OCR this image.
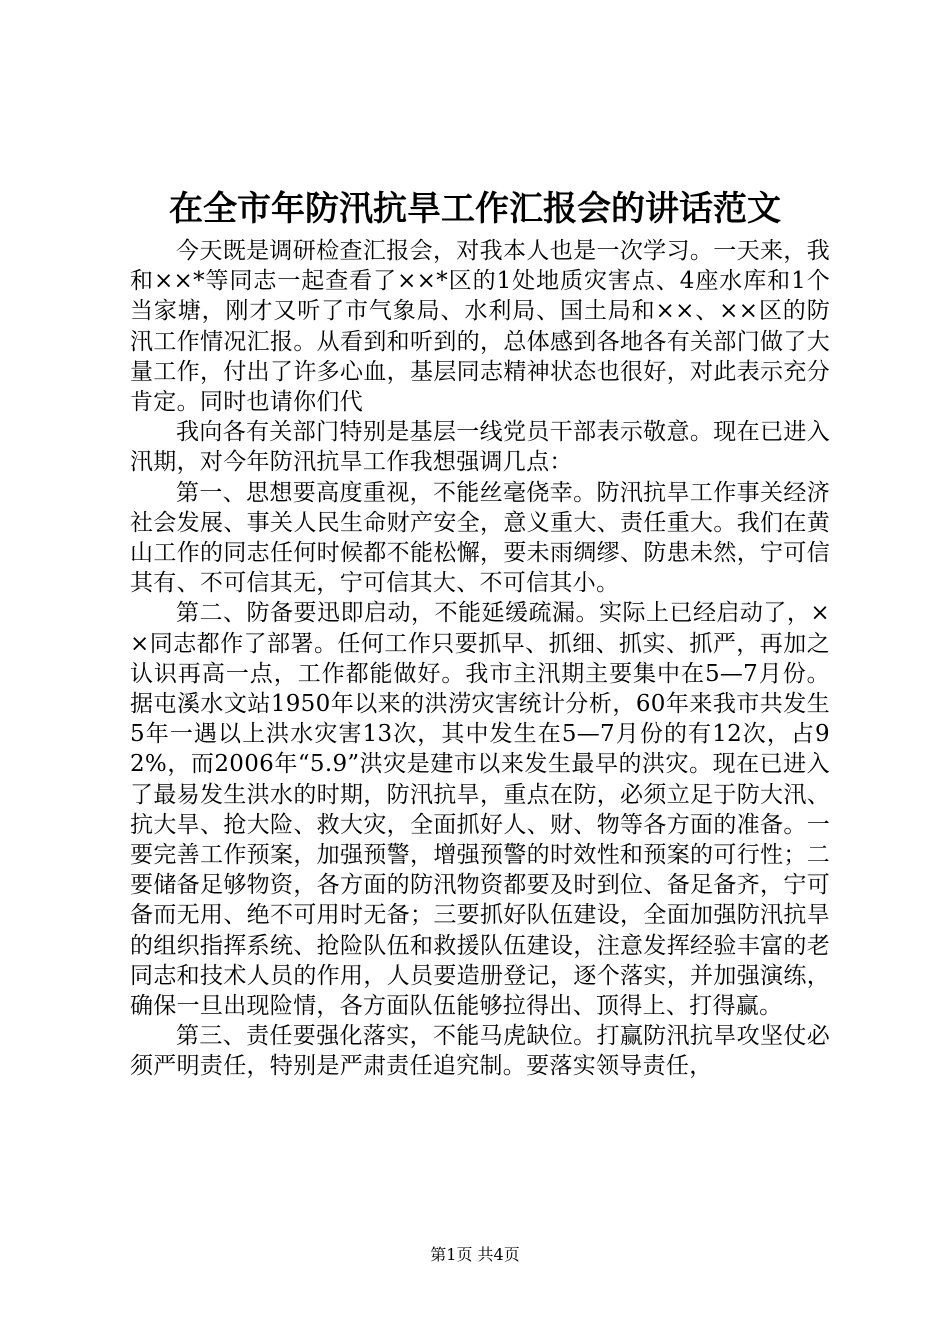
在全市年防汛抗旱工作汇报会的讲话范文

今天既是调研检查汇报会，对我本人也是一次学习。一天来，我和××*等同志一起查看了××*区的1处地质灾害点、4座水库和1个当家塘，刚才又听了市气象局、水利局、国土局和××、××区的防汛工作情况汇报。从看到和听到的，总体感到各地各有关部门做了大量工作，付出了许多心血，基层同志精神状态也很好，对此表示充分肯定。同时也请你们代

我向各有关部门特别是基层一线党员干部表示敬意。现在已进入汛期，对今年防汛抗旱工作我想强调几点：

第一、思想要高度重视，不能丝毫侥幸。防汛抗旱工作事关经济社会发展、事关人民生命财产安全，意义重大、责任重大。我们在黄山工作的同志任何时候都不能松懈，要未雨绸缪、防患未然，宁可信其有、不可信其无，宁可信其大、不可信其小。

第二、防备要迅即启动，不能延缓疏漏。实际上已经启动了，××同志都作了部署。任何工作只要抓早、抓细、抓实、抓严，再加之认识再高一点，工作都能做好。我市主汛期主要集中在5—7月份。据屯溪水文站1950年以来的洪涝灾害统计分析，60年来我市共发生5年一遇以上洪水灾害13次，其中发生在5—7月份的有12次，占92%，而2006年“5.9”洪灾是建市以来发生最早的洪灾。现在已进入了最易发生洪水的时期，防汛抗旱，重点在防，必须立足于防大汛、抗大旱、抢大险、救大灾，全面抓好人、财、物等各方面的准备。一要完善工作预案，加强预警，增强预警的时效性和预案的可行性；二要储备足够物资，各方面的防汛物资都要及时到位、备足备齐，宁可备而无用、绝不可用时无备；三要抓好队伍建设，全面加强防汛抗旱的组织指挥系统、抢险队伍和救援队伍建设，注意发挥经验丰富的老同志和技术人员的作用，人员要造册登记，逐个落实，并加强演练，确保一旦出现险情，各方面队伍能够拉得出、顶得上、打得赢。

第三、责任要强化落实，不能马虎缺位。打赢防汛抗旱攻坚仗必须严明责任，特别是严肃责任追究制。要落实领导责任，

第1页 共4页
